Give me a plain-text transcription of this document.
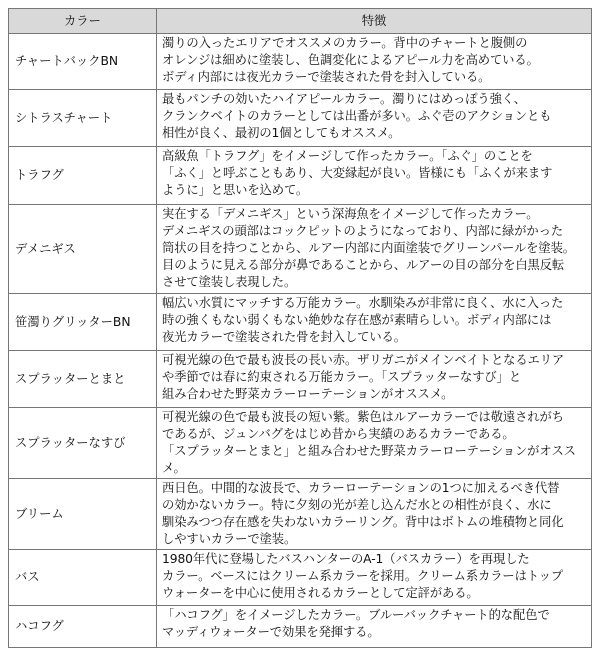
カラー	特徴
チャートバックBN	濁りの入ったエリアでオススメのカラー。背中のチャートと腹側の
オレンジは細めに塗装し、色調変化によるアピール力を高めている。
ボディ内部には夜光カラーで塗装された骨を封入している。
シトラスチャート	最もパンチの効いたハイアピールカラー。濁りにはめっぽう強く、
クランクベイトのカラーとしては出番が多い。ふぐ壱のアクションとも
相性が良く、最初の1個としてもオススメ。
トラフグ	高級魚「トラフグ」をイメージして作ったカラー。「ふぐ」のことを
「ふく」と呼ぶこともあり、大変縁起が良い。皆様にも「ふくが来ます
ように」と思いを込めて。
デメニギス	実在する「デメニギス」という深海魚をイメージして作ったカラー。
デメニギスの頭部はコックピットのようになっており、内部に緑がかった
筒状の目を持つことから、ルアー内部に内面塗装でグリーンパールを塗装。
目のように見える部分が鼻であることから、ルアーの目の部分を白黒反転
させて塗装し表現した。
笹濁りグリッターBN	幅広い水質にマッチする万能カラー。水馴染みが非常に良く、水に入った
時の強くもない弱くもない絶妙な存在感が素晴らしい。ボディ内部には
夜光カラーで塗装された骨を封入している。
スプラッターとまと	可視光線の色で最も波長の長い赤。ザリガニがメインベイトとなるエリア
や季節では春に約束される万能カラー。「スプラッターなすび」と
組み合わせた野菜カラーローテーションがオススメ。
スプラッターなすび	可視光線の色で最も波長の短い紫。紫色はルアーカラーでは敬遠されがち
であるが、ジュンバグをはじめ昔から実績のあるカラーである。
「スプラッターとまと」と組み合わせた野菜カラーローテーションがオススメ。
ブリーム	西日色。中間的な波長で、カラーローテーションの1つに加えるべき代替
の効かないカラー。特に夕刻の光が差し込んだ水との相性が良く、水に
馴染みつつ存在感を失わないカラーリング。背中はボトムの堆積物と同化
しやすいカラーで塗装。
バス	1980年代に登場したバスハンターのA-1（バスカラー）を再現した
カラー。ベースにはクリーム系カラーを採用。クリーム系カラーはトップ
ウォーターを中心に使用されるカラーとして定評がある。
ハコフグ	「ハコフグ」をイメージしたカラー。ブルーバックチャート的な配色で
マッディウォーターで効果を発揮する。
